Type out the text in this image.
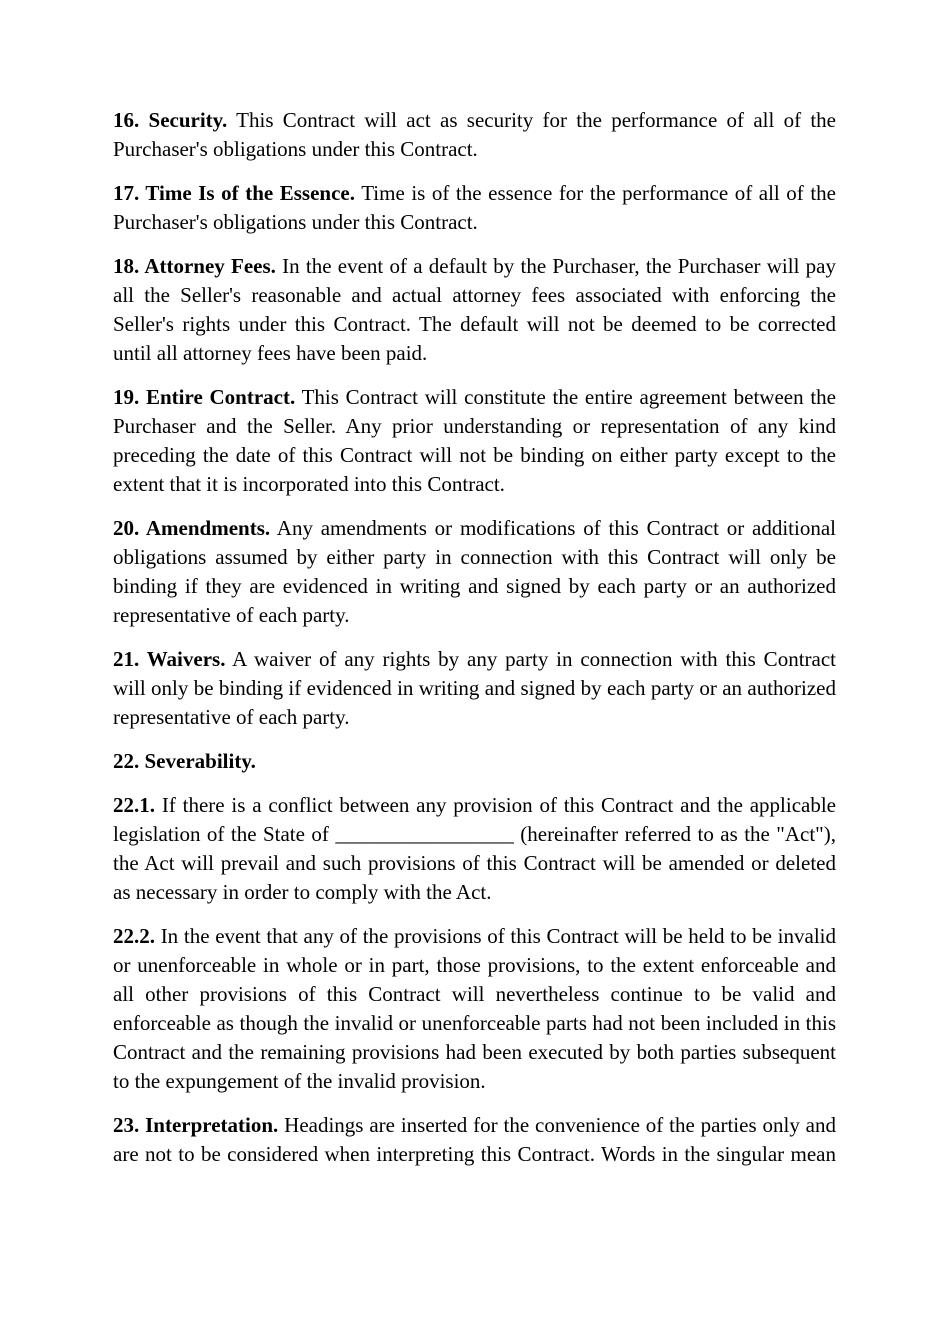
16. Security. This Contract will act as security for the performance of all of the Purchaser's obligations under this Contract.

17. Time Is of the Essence. Time is of the essence for the performance of all of the Purchaser's obligations under this Contract.

18. Attorney Fees. In the event of a default by the Purchaser, the Purchaser will pay all the Seller's reasonable and actual attorney fees associated with enforcing the Seller's rights under this Contract. The default will not be deemed to be corrected until all attorney fees have been paid.

19. Entire Contract. This Contract will constitute the entire agreement between the Purchaser and the Seller. Any prior understanding or representation of any kind preceding the date of this Contract will not be binding on either party except to the extent that it is incorporated into this Contract.

20. Amendments. Any amendments or modifications of this Contract or additional obligations assumed by either party in connection with this Contract will only be binding if they are evidenced in writing and signed by each party or an authorized representative of each party.

21. Waivers. A waiver of any rights by any party in connection with this Contract will only be binding if evidenced in writing and signed by each party or an authorized representative of each party.

22. Severability.

22.1. If there is a conflict between any provision of this Contract and the applicable legislation of the State of _________________ (hereinafter referred to as the "Act"), the Act will prevail and such provisions of this Contract will be amended or deleted as necessary in order to comply with the Act.

22.2. In the event that any of the provisions of this Contract will be held to be invalid or unenforceable in whole or in part, those provisions, to the extent enforceable and all other provisions of this Contract will nevertheless continue to be valid and enforceable as though the invalid or unenforceable parts had not been included in this Contract and the remaining provisions had been executed by both parties subsequent to the expungement of the invalid provision.

23. Interpretation. Headings are inserted for the convenience of the parties only and are not to be considered when interpreting this Contract. Words in the singular mean
